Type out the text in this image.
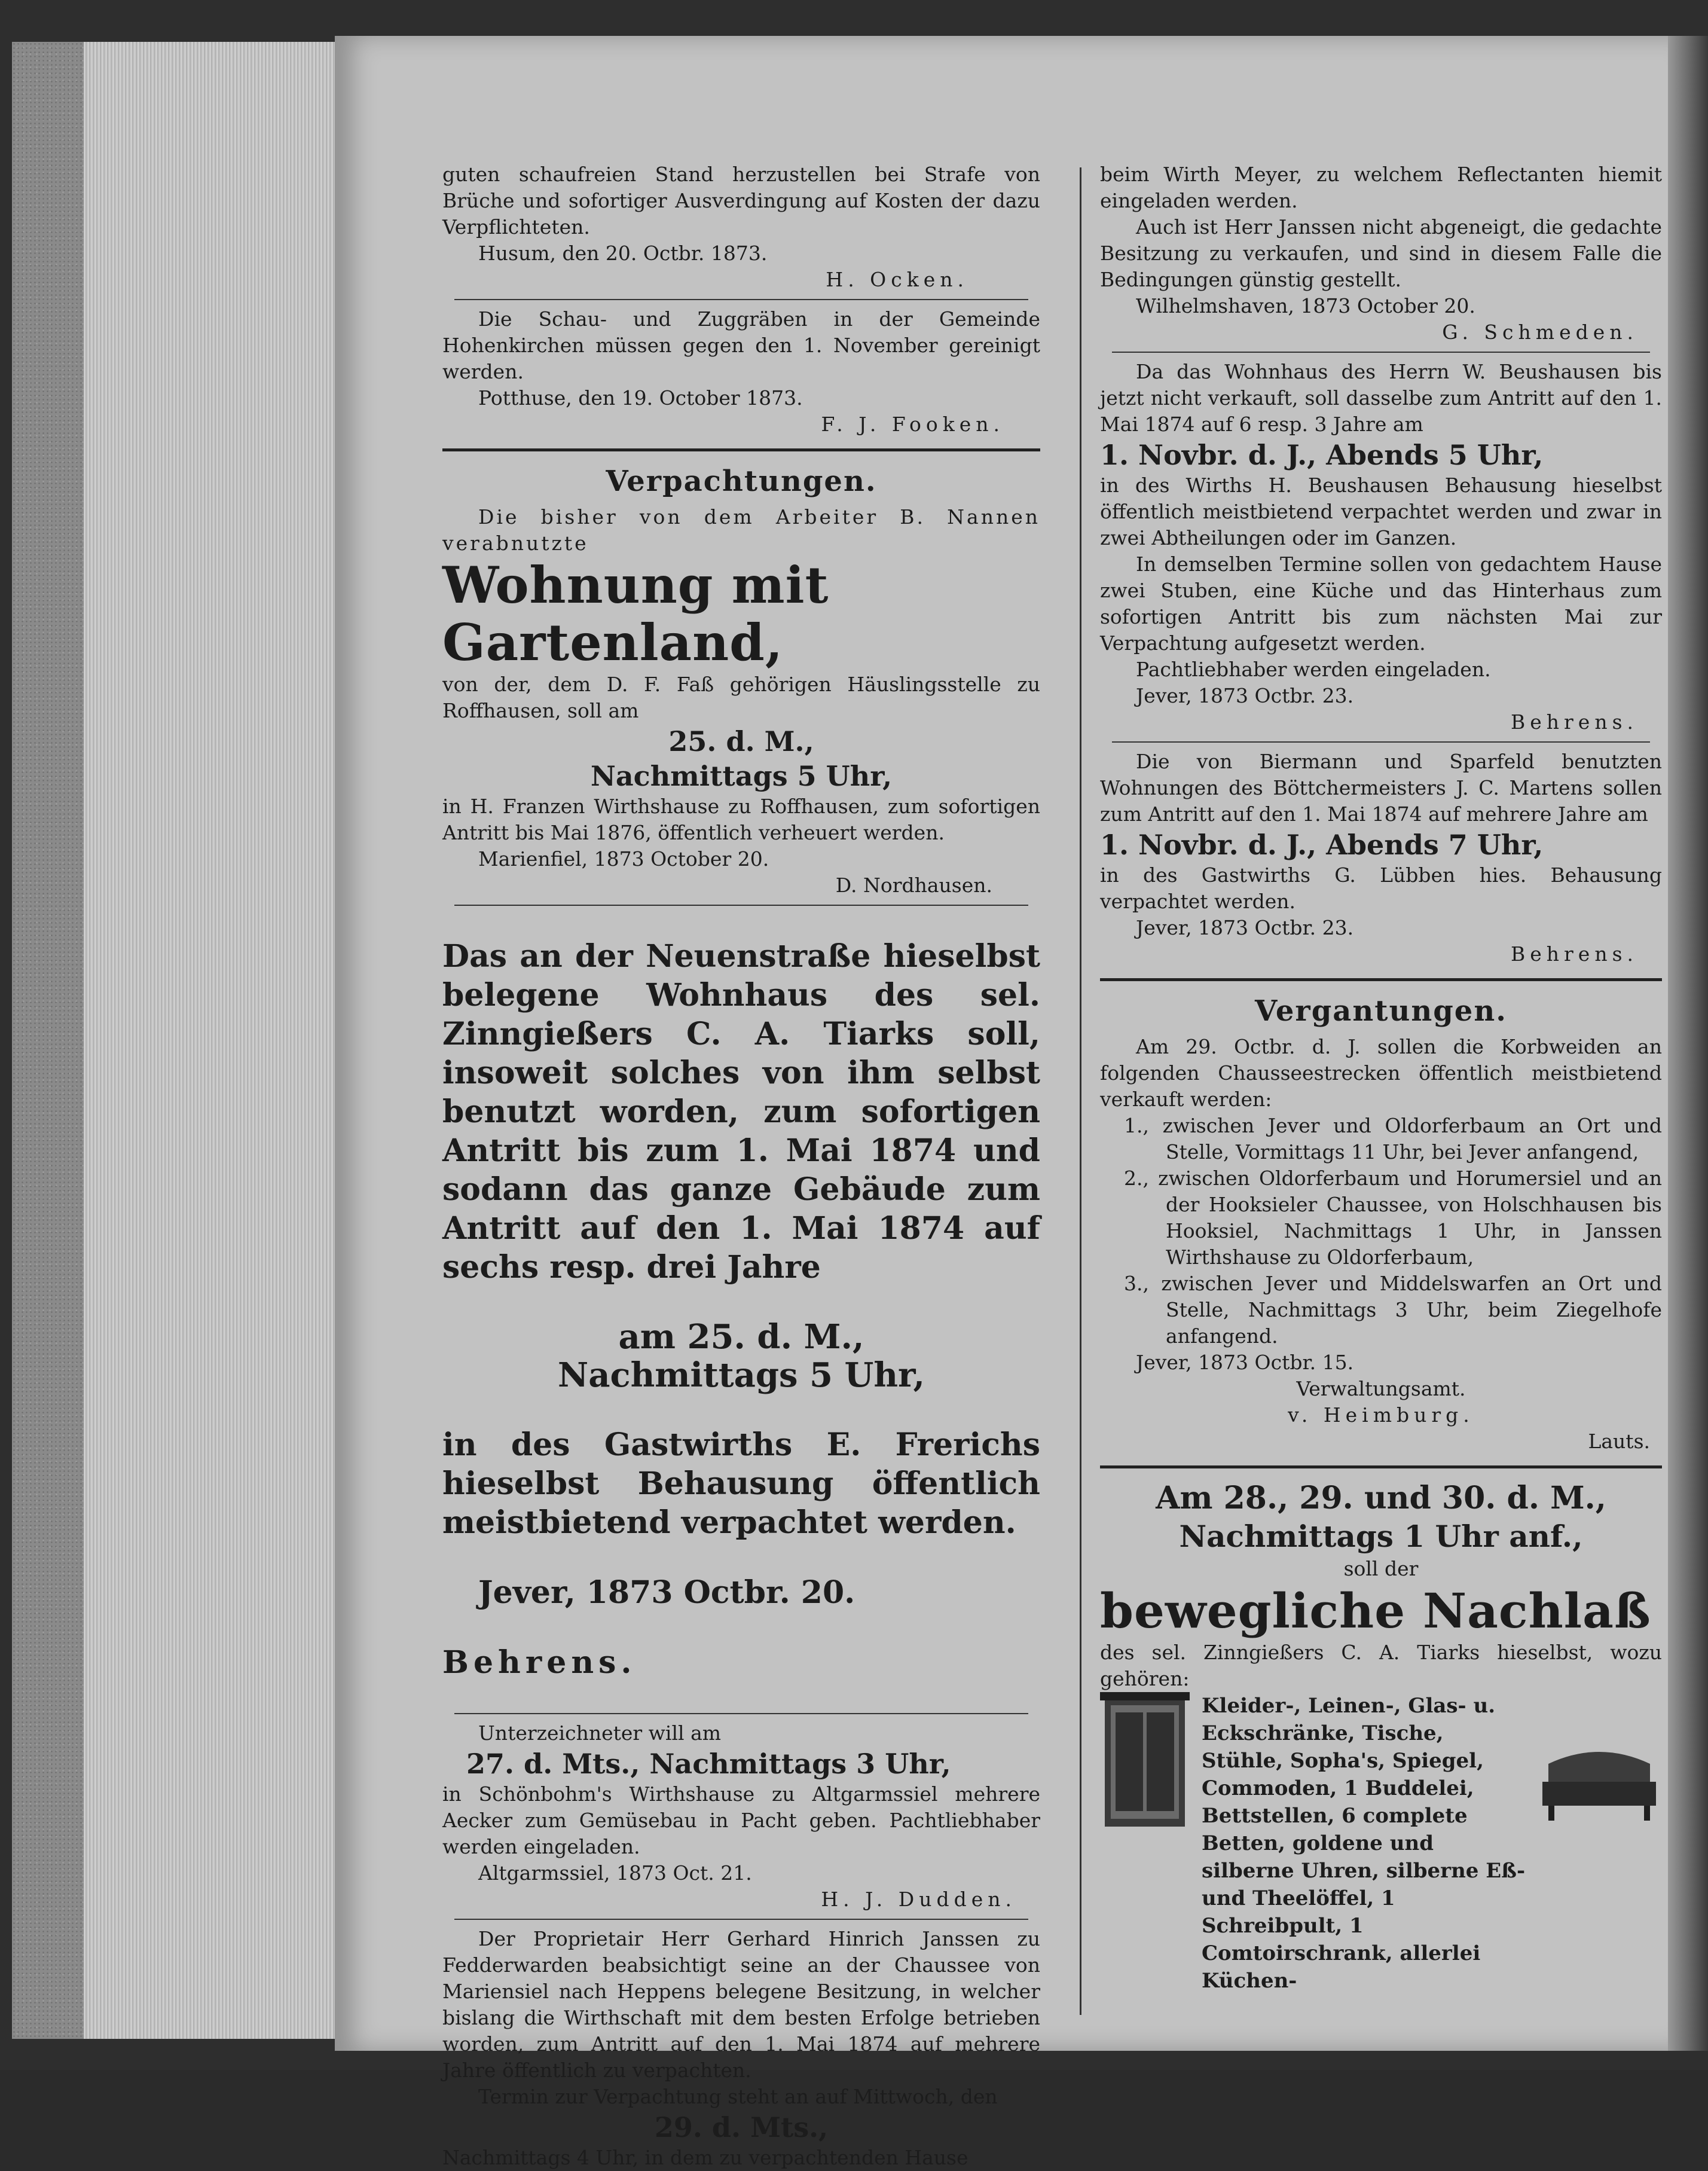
guten schaufreien Stand herzustellen bei Strafe von Brüche und sofortiger Ausverdingung auf Kosten der dazu Verpflichteten.

Husum, den 20. Octbr. 1873.

H. Ocken.

Die Schau- und Zuggräben in der Gemeinde Hohenkirchen müssen gegen den 1. November gereinigt werden.

Potthuse, den 19. October 1873.

F. J. Fooken.

Verpachtungen.

Die bisher von dem Arbeiter B. Nannen verabnutzte

Wohnung mit Gartenland,

von der, dem D. F. Faß gehörigen Häuslingsstelle zu Roffhausen, soll am

25. d. M.,
Nachmittags 5 Uhr,

in H. Franzen Wirthshause zu Roffhausen, zum sofortigen Antritt bis Mai 1876, öffentlich verheuert werden.

Marienfiel, 1873 October 20.

D. Nordhausen.

Das an der Neuenstraße hieselbst belegene Wohnhaus des sel. Zinngießers C. A. Tiarks soll, insoweit solches von ihm selbst benutzt worden, zum sofortigen Antritt bis zum 1. Mai 1874 und sodann das ganze Gebäude zum Antritt auf den 1. Mai 1874 auf sechs resp. drei Jahre

am 25. d. M.,
Nachmittags 5 Uhr,

in des Gastwirths E. Frerichs hieselbst Behausung öffentlich meistbietend verpachtet werden.

Jever, 1873 Octbr. 20.

Behrens.

Unterzeichneter will am

27. d. Mts., Nachmittags 3 Uhr,

in Schönbohm's Wirthshause zu Altgarmssiel mehrere Aecker zum Gemüsebau in Pacht geben. Pachtliebhaber werden eingeladen.

Altgarmssiel, 1873 Oct. 21.

H. J. Dudden.

Der Proprietair Herr Gerhard Hinrich Janssen zu Fedderwarden beabsichtigt seine an der Chaussee von Mariensiel nach Heppens belegene Besitzung, in welcher bislang die Wirthschaft mit dem besten Erfolge betrieben worden, zum Antritt auf den 1. Mai 1874 auf mehrere Jahre öffentlich zu verpachten.

Termin zur Verpachtung steht an auf Mittwoch, den

29. d. Mts.,

Nachmittags 4 Uhr, in dem zu verpachtenden Hause

beim Wirth Meyer, zu welchem Reflectanten hiemit eingeladen werden.

Auch ist Herr Janssen nicht abgeneigt, die gedachte Besitzung zu verkaufen, und sind in diesem Falle die Bedingungen günstig gestellt.

Wilhelmshaven, 1873 October 20.

G. Schmeden.

Da das Wohnhaus des Herrn W. Beushausen bis jetzt nicht verkauft, soll dasselbe zum Antritt auf den 1. Mai 1874 auf 6 resp. 3 Jahre am

1. Novbr. d. J., Abends 5 Uhr,

in des Wirths H. Beushausen Behausung hieselbst öffentlich meistbietend verpachtet werden und zwar in zwei Abtheilungen oder im Ganzen.

In demselben Termine sollen von gedachtem Hause zwei Stuben, eine Küche und das Hinterhaus zum sofortigen Antritt bis zum nächsten Mai zur Verpachtung aufgesetzt werden.

Pachtliebhaber werden eingeladen.

Jever, 1873 Octbr. 23.

Behrens.

Die von Biermann und Sparfeld benutzten Wohnungen des Böttchermeisters J. C. Martens sollen zum Antritt auf den 1. Mai 1874 auf mehrere Jahre am

1. Novbr. d. J., Abends 7 Uhr,

in des Gastwirths G. Lübben hies. Behausung verpachtet werden.

Jever, 1873 Octbr. 23.

Behrens.

Vergantungen.

Am 29. Octbr. d. J. sollen die Korbweiden an folgenden Chausseestrecken öffentlich meistbietend verkauft werden:

1., zwischen Jever und Oldorferbaum an Ort und Stelle, Vormittags 11 Uhr, bei Jever anfangend,
2., zwischen Oldorferbaum und Horumersiel und an der Hooksieler Chaussee, von Holschhausen bis Hooksiel, Nachmittags 1 Uhr, in Janssen Wirthshause zu Oldorferbaum,
3., zwischen Jever und Middelswarfen an Ort und Stelle, Nachmittags 3 Uhr, beim Ziegelhofe anfangend.

Jever, 1873 Octbr. 15.

Verwaltungsamt.

v. Heimburg.

Lauts.

Am 28., 29. und 30. d. M.,
Nachmittags 1 Uhr anf.,

soll der

bewegliche Nachlaß

des sel. Zinngießers C. A. Tiarks hieselbst, wozu gehören:

Kleider-, Leinen-, Glas- u. Eckschränke, Tische, Stühle, Sopha's, Spiegel, Commoden, 1 Buddelei, Bettstellen, 6 complete Betten, goldene und silberne Uhren, silberne Eß- und Theelöffel, 1 Schreibpult, 1 Comtoirschrank, allerlei Küchen-
